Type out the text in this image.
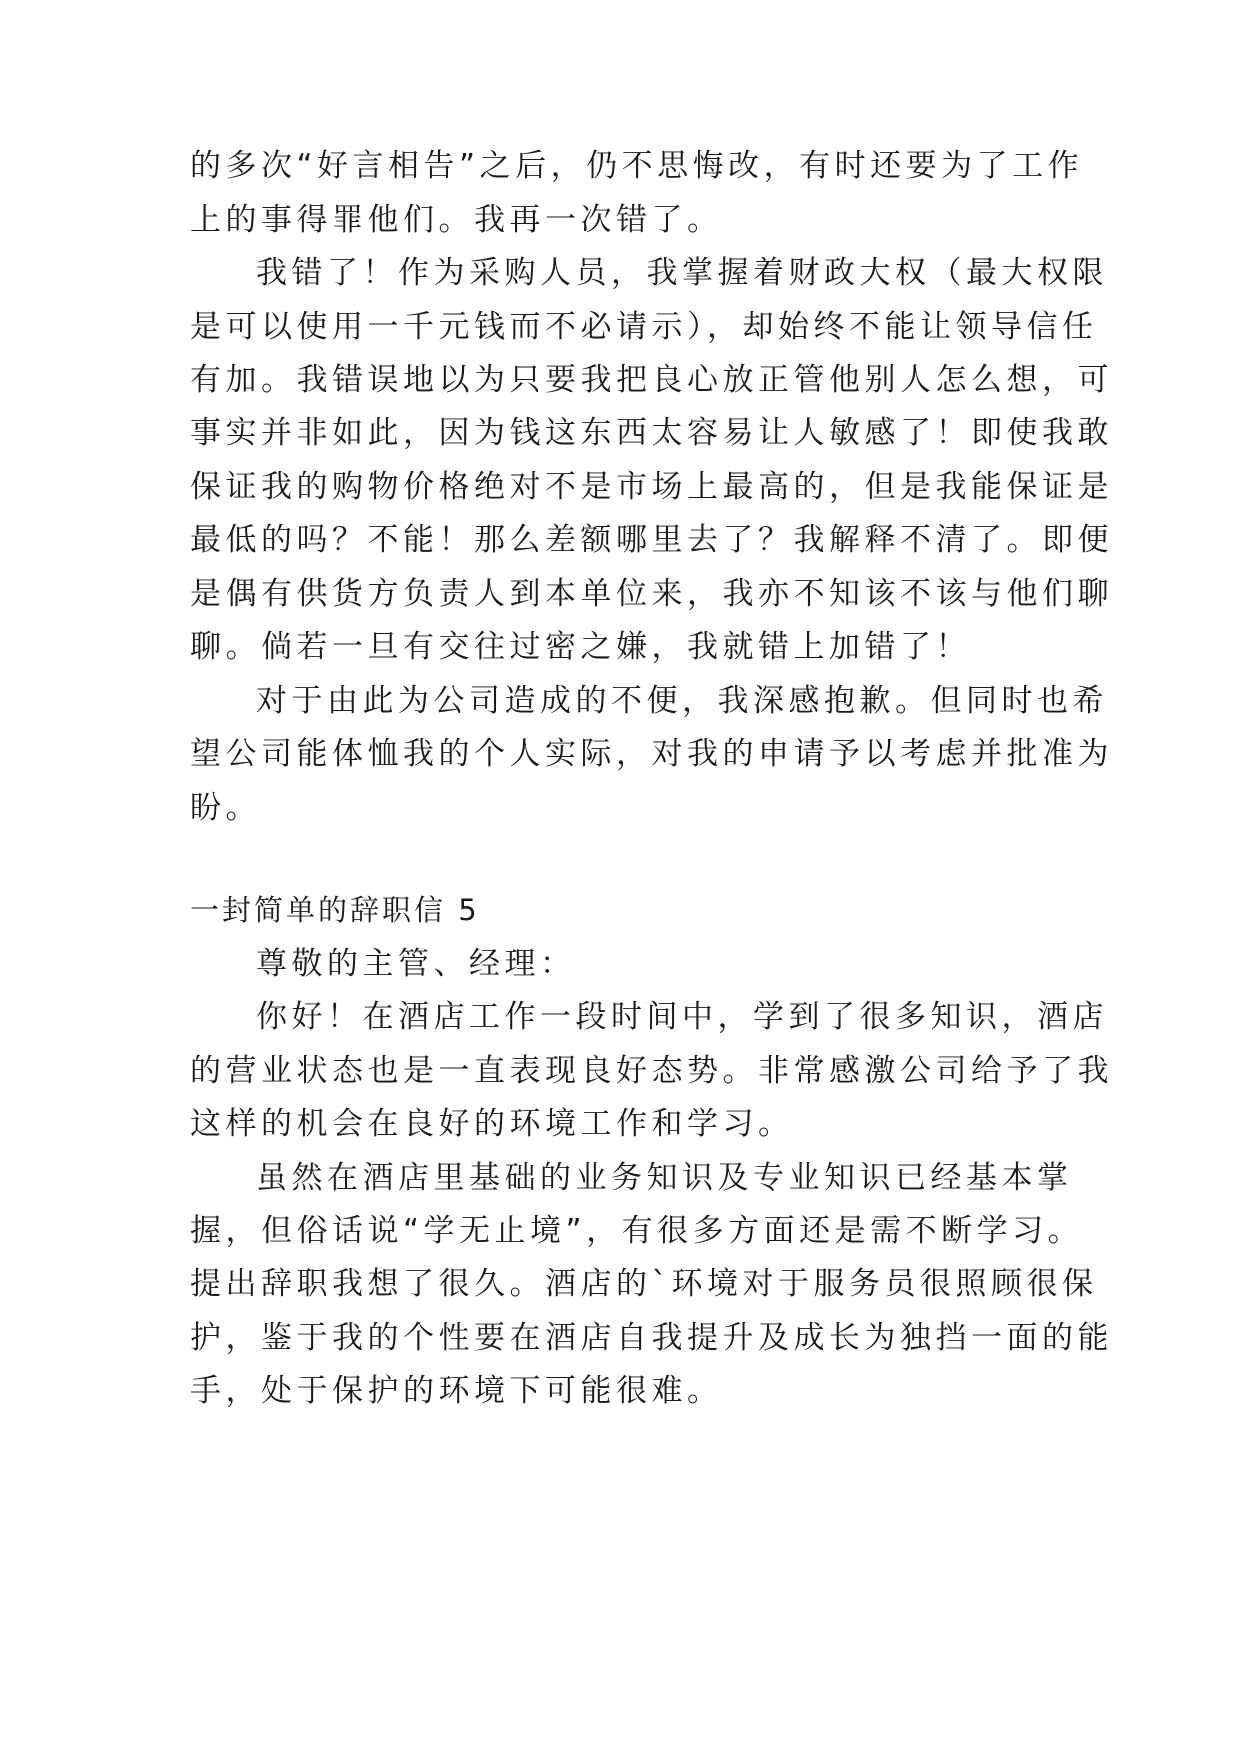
的多次“好言相告”之后，仍不思悔改，有时还要为了工作
上的事得罪他们。我再一次错了。
我错了！作为采购人员，我掌握着财政大权（最大权限
是可以使用一千元钱而不必请示），却始终不能让领导信任
有加。我错误地以为只要我把良心放正管他别人怎么想，可
事实并非如此，因为钱这东西太容易让人敏感了！即使我敢
保证我的购物价格绝对不是市场上最高的，但是我能保证是
最低的吗？不能！那么差额哪里去了？我解释不清了。即便
是偶有供货方负责人到本单位来，我亦不知该不该与他们聊
聊。倘若一旦有交往过密之嫌，我就错上加错了！
对于由此为公司造成的不便，我深感抱歉。但同时也希
望公司能体恤我的个人实际，对我的申请予以考虑并批准为
盼。
一封简单的辞职信 5
尊敬的主管、经理：
你好！在酒店工作一段时间中，学到了很多知识，酒店
的营业状态也是一直表现良好态势。非常感激公司给予了我
这样的机会在良好的环境工作和学习。
虽然在酒店里基础的业务知识及专业知识已经基本掌
握，但俗话说“学无止境”，有很多方面还是需不断学习。
提出辞职我想了很久。酒店的`环境对于服务员很照顾很保
护，鉴于我的个性要在酒店自我提升及成长为独挡一面的能
手，处于保护的环境下可能很难。
